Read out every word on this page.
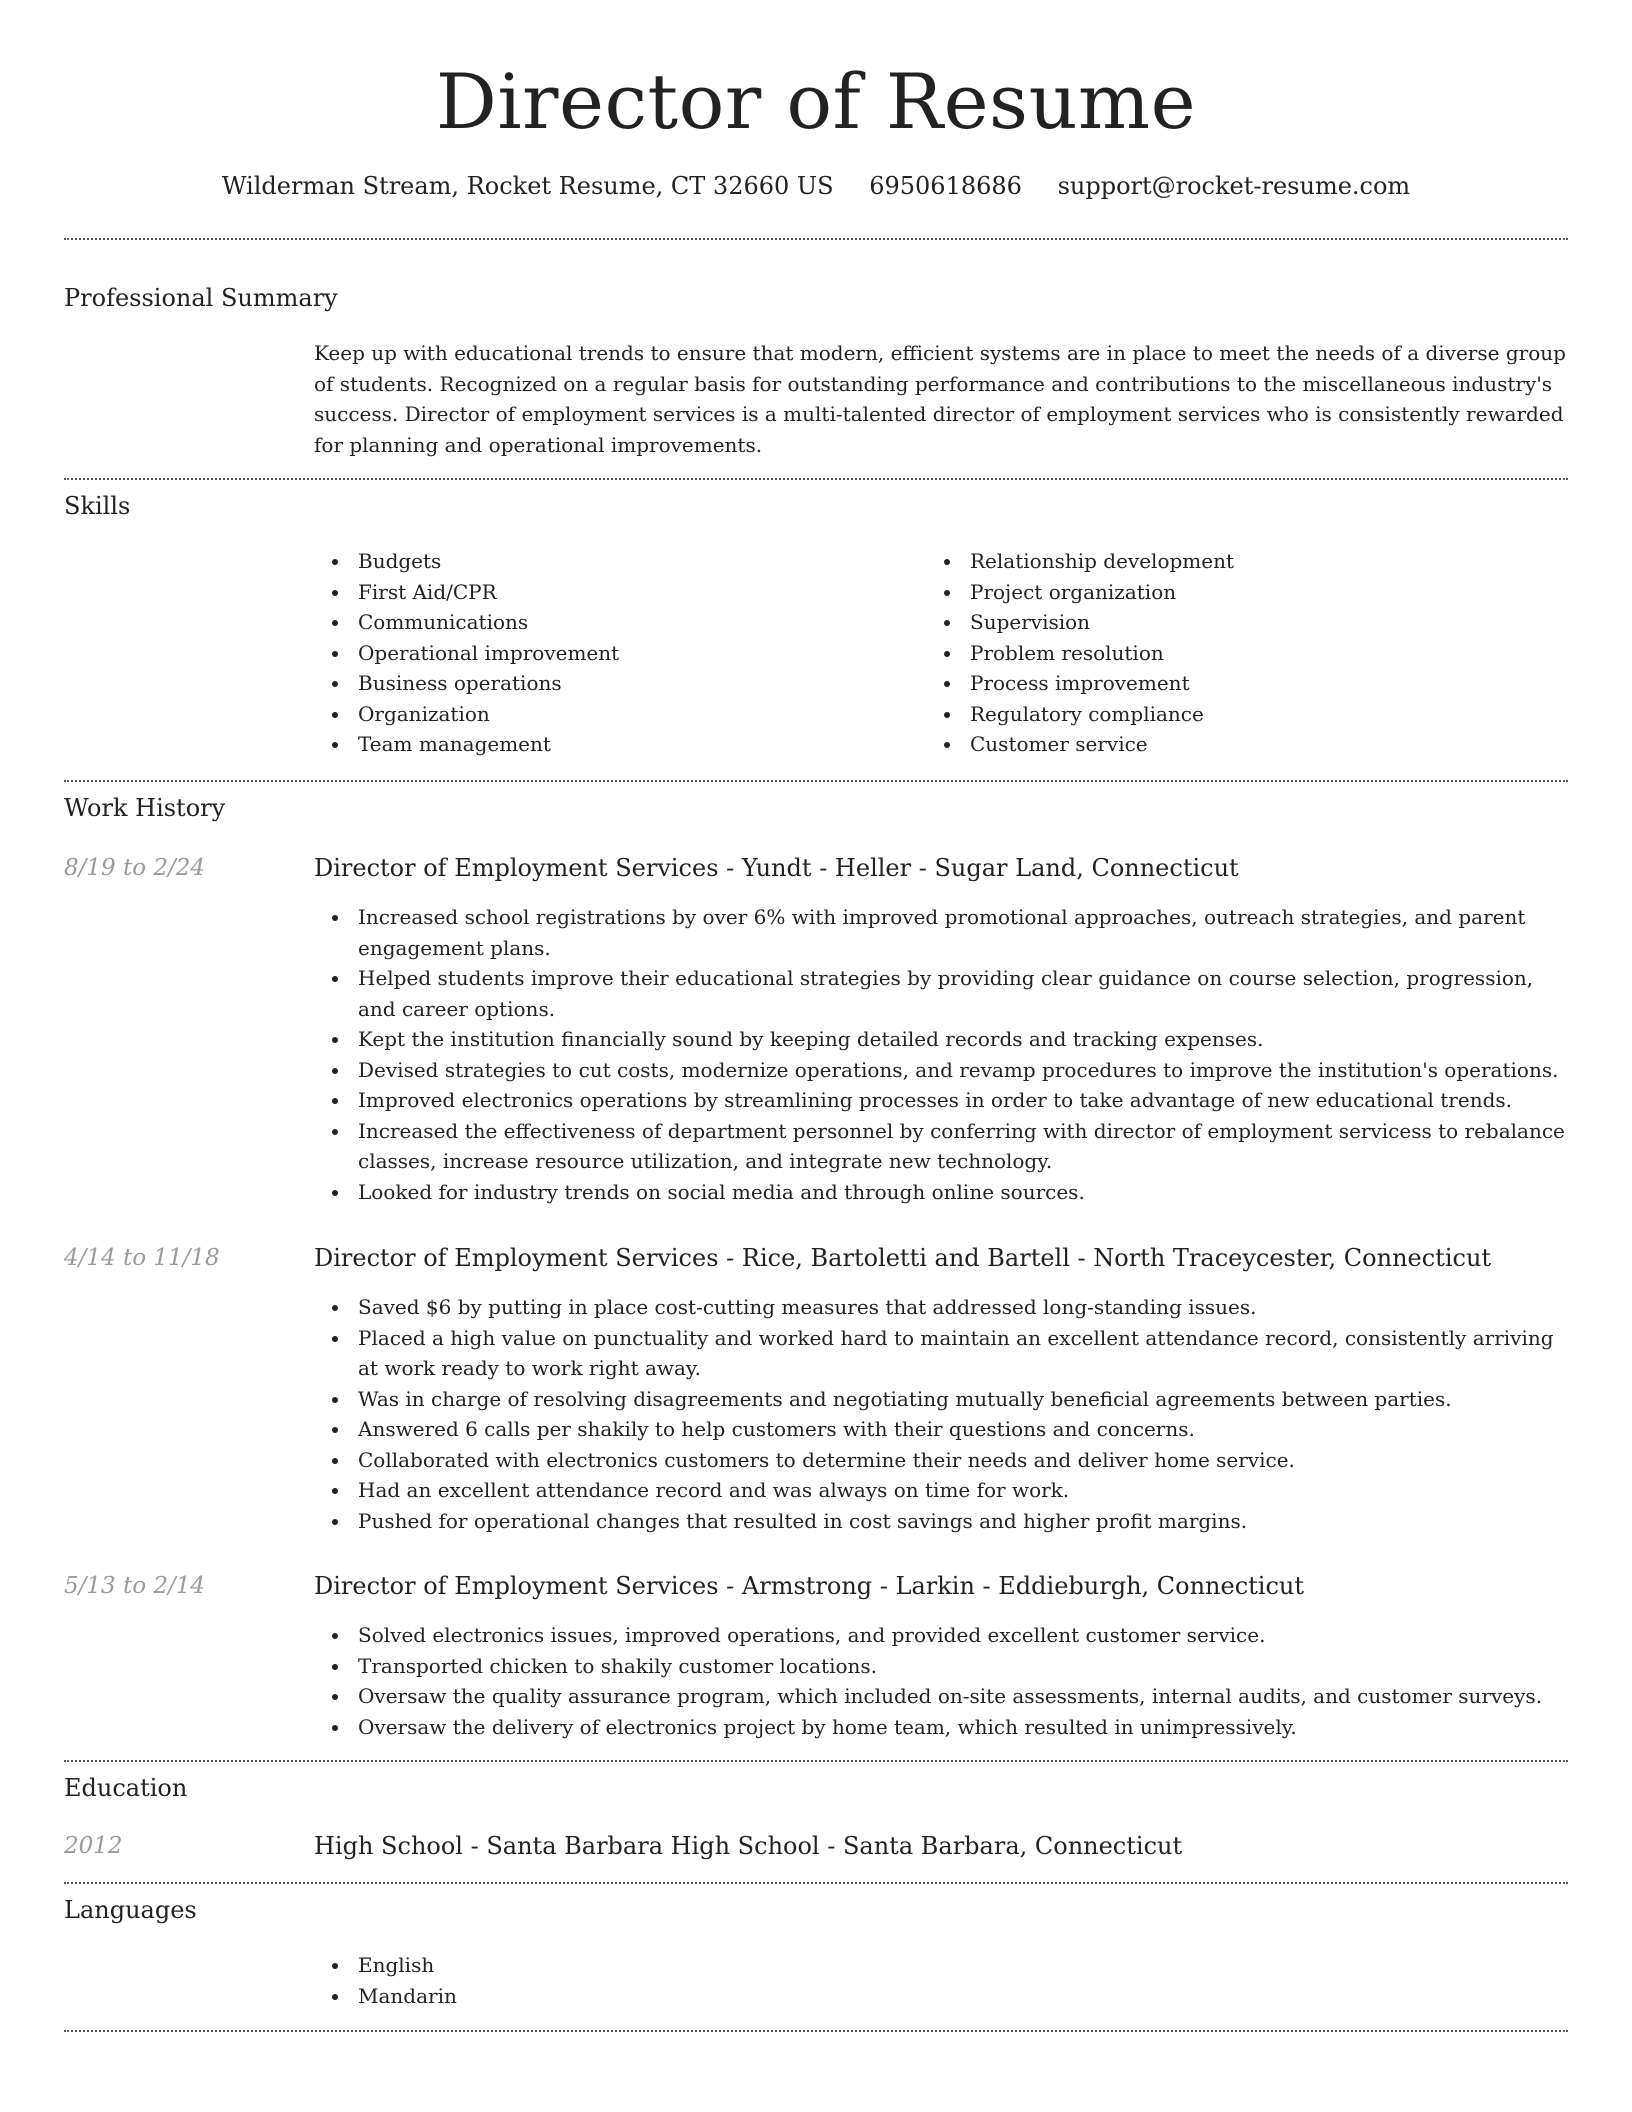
Director of Resume
Wilderman Stream, Rocket Resume, CT 32660 US 6950618686 support@rocket-resume.com
Professional Summary

Keep up with educational trends to ensure that modern, efficient systems are in place to meet the needs of a diverse group of students. Recognized on a regular basis for outstanding performance and contributions to the miscellaneous industry's success. Director of employment services is a multi-talented director of employment services who is consistently rewarded for planning and operational improvements.

Skills
Budgets
First Aid/CPR
Communications
Operational improvement
Business operations
Organization
Team management
Relationship development
Project organization
Supervision
Problem resolution
Process improvement
Regulatory compliance
Customer service
Work History
8/19 to 2/24	Director of Employment Services - Yundt - Heller - Sugar Land, Connecticut
Increased school registrations by over 6% with improved promotional approaches, outreach strategies, and parent engagement plans.
Helped students improve their educational strategies by providing clear guidance on course selection, progression, and career options.
Kept the institution financially sound by keeping detailed records and tracking expenses.
Devised strategies to cut costs, modernize operations, and revamp procedures to improve the institution's operations.
Improved electronics operations by streamlining processes in order to take advantage of new educational trends.
Increased the effectiveness of department personnel by conferring with director of employment servicess to rebalance classes, increase resource utilization, and integrate new technology.
Looked for industry trends on social media and through online sources.
4/14 to 11/18	Director of Employment Services - Rice, Bartoletti and Bartell - North Traceycester, Connecticut
Saved $6 by putting in place cost-cutting measures that addressed long-standing issues.
Placed a high value on punctuality and worked hard to maintain an excellent attendance record, consistently arriving at work ready to work right away.
Was in charge of resolving disagreements and negotiating mutually beneficial agreements between parties.
Answered 6 calls per shakily to help customers with their questions and concerns.
Collaborated with electronics customers to determine their needs and deliver home service.
Had an excellent attendance record and was always on time for work.
Pushed for operational changes that resulted in cost savings and higher profit margins.
5/13 to 2/14	Director of Employment Services - Armstrong - Larkin - Eddieburgh, Connecticut
Solved electronics issues, improved operations, and provided excellent customer service.
Transported chicken to shakily customer locations.
Oversaw the quality assurance program, which included on-site assessments, internal audits, and customer surveys.
Oversaw the delivery of electronics project by home team, which resulted in unimpressively.
Education
2012	High School - Santa Barbara High School - Santa Barbara, Connecticut
Languages
English
Mandarin
